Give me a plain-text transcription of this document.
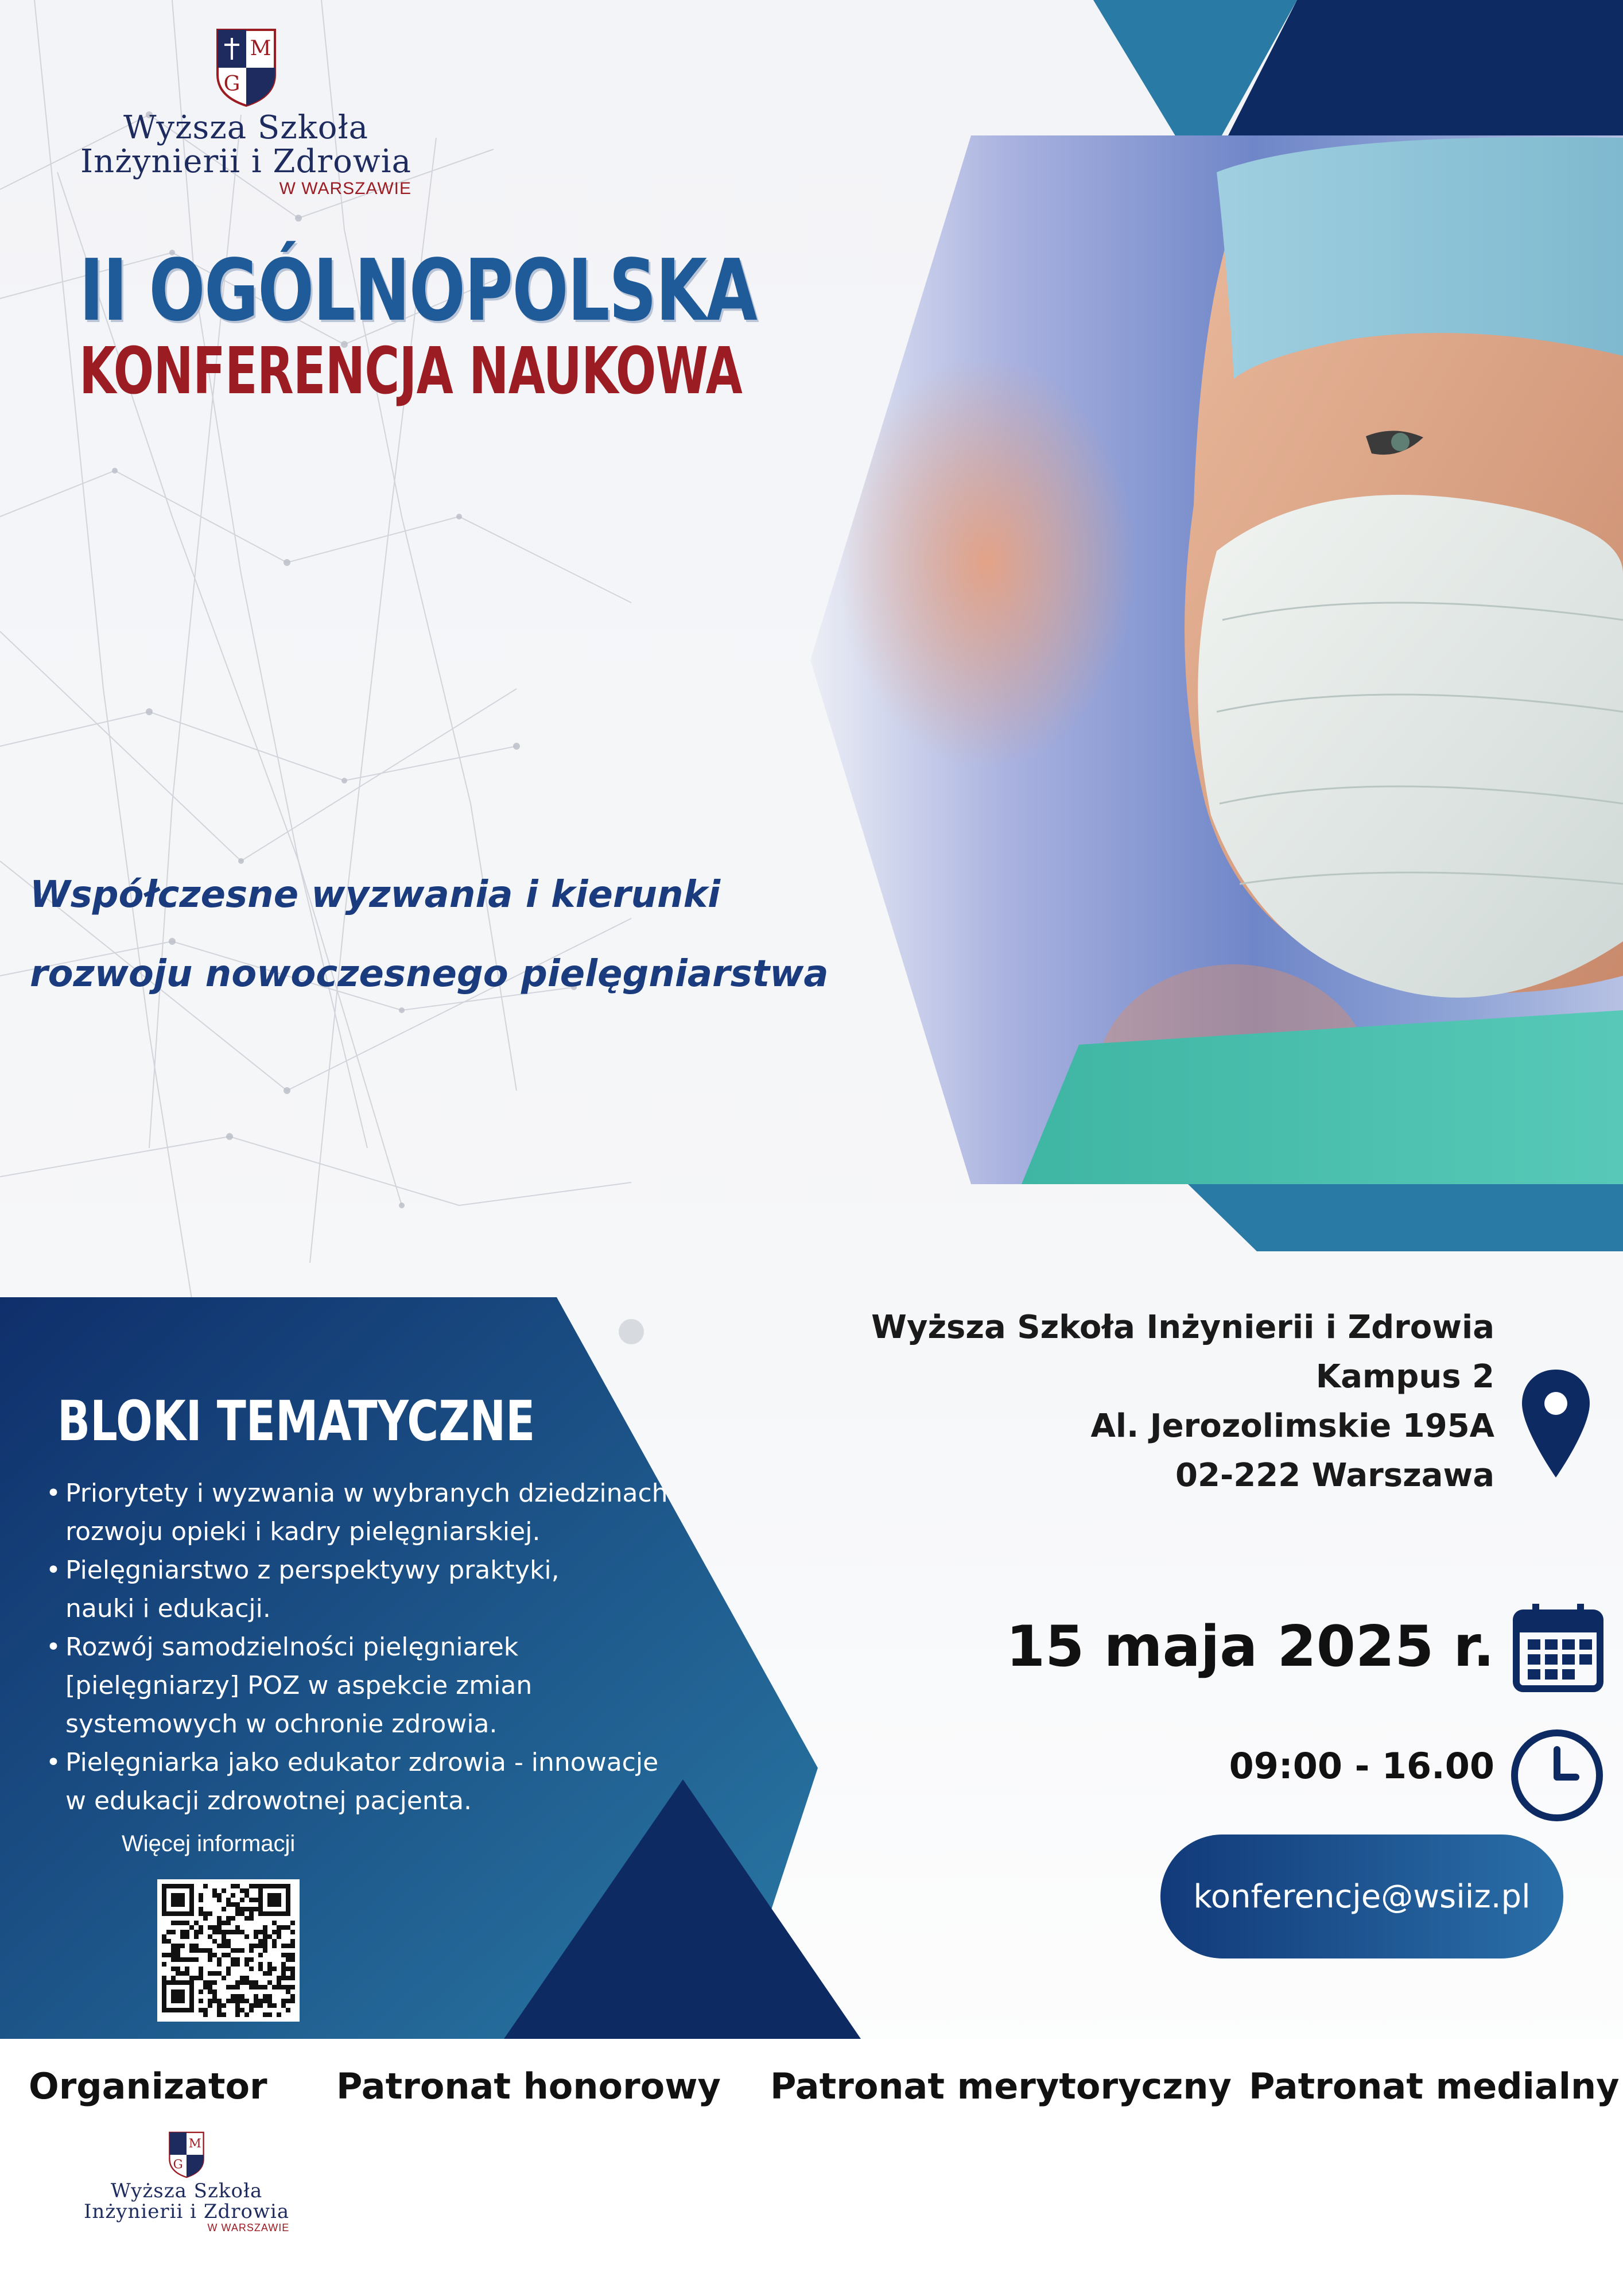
M
G
Wyższa Szkoła
Inżynierii i Zdrowia
W WARSZAWIE
II OGÓLNOPOLSKA
KONFERENCJA NAUKOWA
Współczesne wyzwania i kierunki
rozwoju nowoczesnego pielęgniarstwa
BLOKI TEMATYCZNE
• Priorytety i wyzwania w wybranych dziedzinach
rozwoju opieki i kadry pielęgniarskiej.
• Pielęgniarstwo z perspektywy praktyki,
nauki i edukacji.
• Rozwój samodzielności pielęgniarek
[pielęgniarzy] POZ w aspekcie zmian
systemowych w ochronie zdrowia.
• Pielęgniarka jako edukator zdrowia - innowacje
w edukacji zdrowotnej pacjenta.
Więcej informacji
Wyższa Szkoła Inżynierii i Zdrowia
Kampus 2
Al. Jerozolimskie 195A
02-222 Warszawa
15 maja 2025 r.
09:00 - 16.00
konferencje@wsiiz.pl
Organizator Patronat honorowy Patronat merytoryczny Patronat medialny
M
G
Wyższa Szkoła
Inżynierii i Zdrowia
W WARSZAWIE
